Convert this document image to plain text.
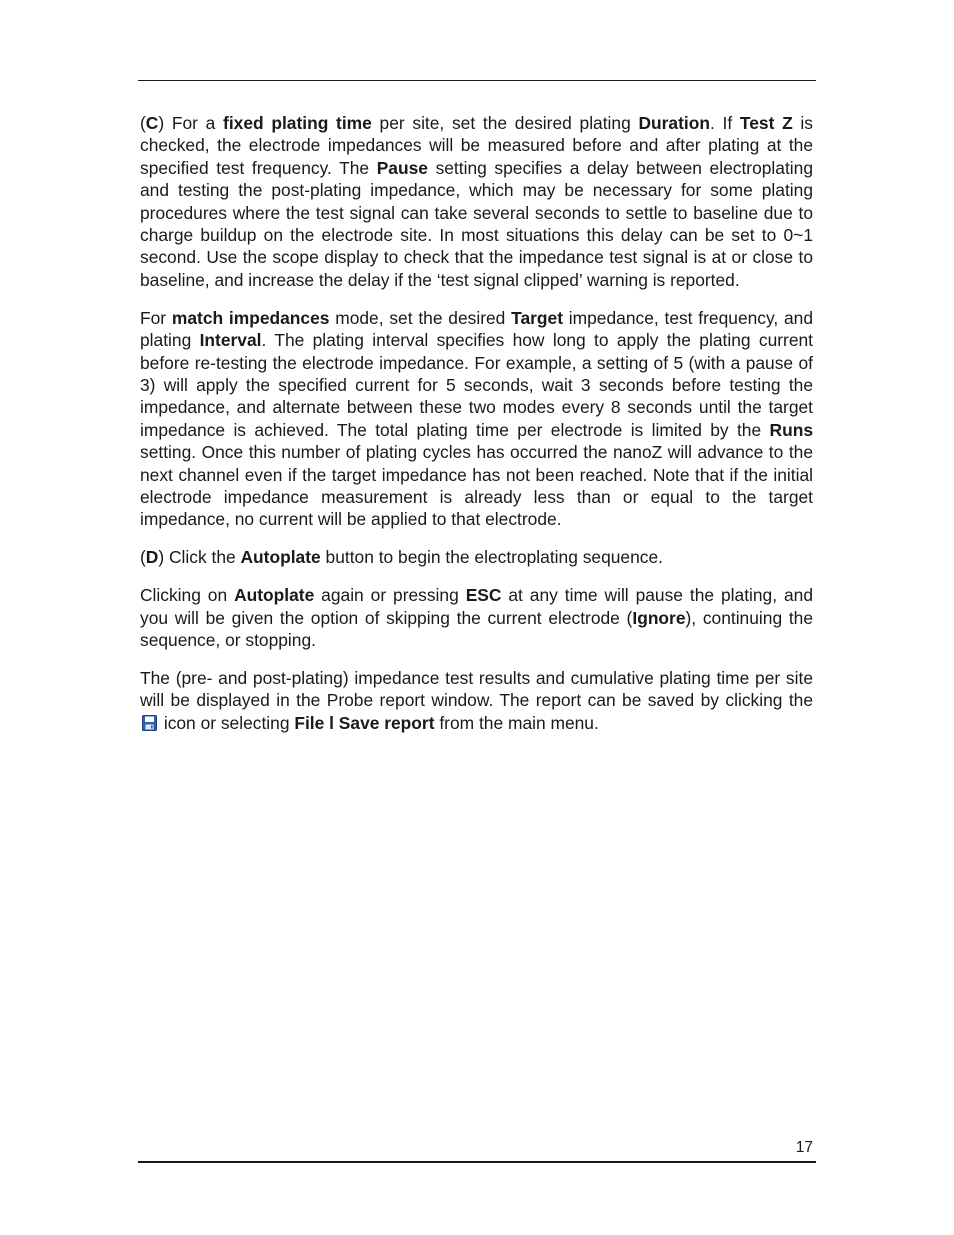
(C) For a fixed plating time per site, set the desired plating Duration. If Test Z is checked, the electrode impedances will be measured before and after plating at the specified test frequency. The Pause setting specifies a delay between electroplating and testing the post-plating impedance, which may be necessary for some plating procedures where the test signal can take several seconds to settle to baseline due to charge buildup on the electrode site. In most situations this delay can be set to 0~1 second. Use the scope display to check that the impedance test signal is at or close to baseline, and increase the delay if the ‘test signal clipped’ warning is reported.

For match impedances mode, set the desired Target impedance, test frequency, and plating Interval. The plating interval specifies how long to apply the plating current before re-testing the electrode impedance. For example, a setting of 5 (with a pause of 3) will apply the specified current for 5 seconds, wait 3 seconds before testing the impedance, and alternate between these two modes every 8 seconds until the target impedance is achieved. The total plating time per electrode is limited by the Runs setting. Once this number of plating cycles has occurred the nanoZ will advance to the next channel even if the target impedance has not been reached. Note that if the initial electrode impedance measurement is already less than or equal to the target impedance, no current will be applied to that electrode.

(D) Click the Autoplate button to begin the electroplating sequence.

Clicking on Autoplate again or pressing ESC at any time will pause the plating, and you will be given the option of skipping the current electrode (Ignore), continuing the sequence, or stopping.

The (pre- and post-plating) impedance test results and cumulative plating time per site will be displayed in the Probe report window. The report can be saved by clicking the  icon or selecting File l Save report from the main menu.

17
